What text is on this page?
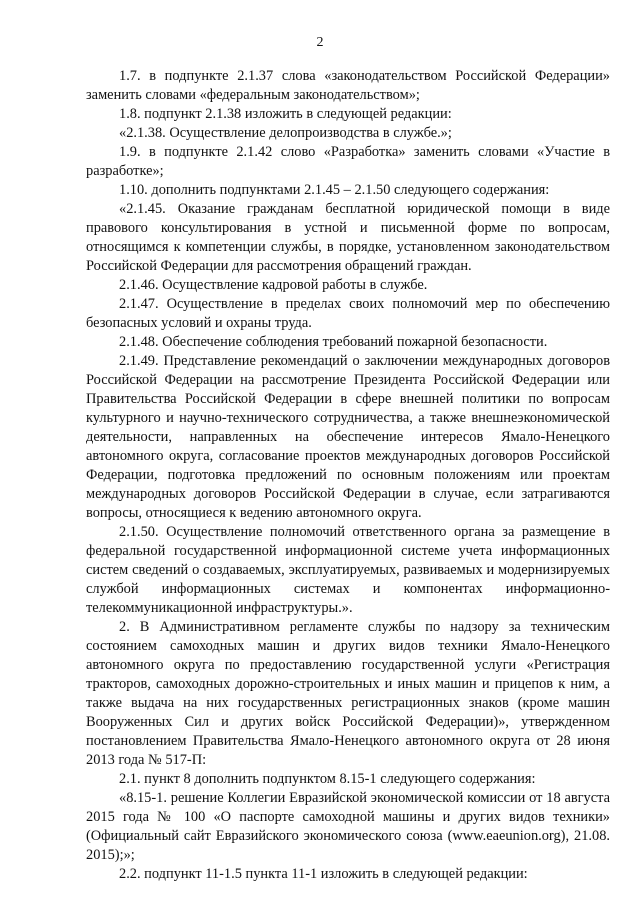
2

1.7. в подпункте 2.1.37 слова «законодательством Российской Федерации» заменить словами «федеральным законодательством»;

1.8. подпункт 2.1.38 изложить в следующей редакции:

«2.1.38. Осуществление делопроизводства в службе.»;

1.9. в подпункте 2.1.42 слово «Разработка» заменить словами «Участие в разработке»;

1.10. дополнить подпунктами 2.1.45 – 2.1.50 следующего содержания:

«2.1.45. Оказание гражданам бесплатной юридической помощи в виде правового консультирования в устной и письменной форме по вопросам, относящимся к компетенции службы, в порядке, установленном законодательством Российской Федерации для рассмотрения обращений граждан.

2.1.46. Осуществление кадровой работы в службе.

2.1.47. Осуществление в пределах своих полномочий мер по обеспечению безопасных условий и охраны труда.

2.1.48. Обеспечение соблюдения требований пожарной безопасности.

2.1.49. Представление рекомендаций о заключении международных договоров Российской Федерации на рассмотрение Президента Российской Федерации или Правительства Российской Федерации в сфере внешней политики по вопросам культурного и научно-технического сотрудничества, а также внешнеэкономической деятельности, направленных на обеспечение интересов Ямало-Ненецкого автономного округа, согласование проектов международных договоров Российской Федерации, подготовка предложений по основным положениям или проектам международных договоров Российской Федерации в случае, если затрагиваются вопросы, относящиеся к ведению автономного округа.

2.1.50. Осуществление полномочий ответственного органа за размещение в федеральной государственной информационной системе учета информационных систем сведений о создаваемых, эксплуатируемых, развиваемых и модернизируемых службой информационных системах и компонентах информационно-телекоммуникационной инфраструктуры.».

2. В Административном регламенте службы по надзору за техническим состоянием самоходных машин и других видов техники Ямало-Ненецкого автономного округа по предоставлению государственной услуги «Регистрация тракторов, самоходных дорожно-строительных и иных машин и прицепов к ним, а также выдача на них государственных регистрационных знаков (кроме машин Вооруженных Сил и других войск Российской Федерации)», утвержденном постановлением Правительства Ямало-Ненецкого автономного округа от 28 июня 2013 года № 517-П:

2.1. пункт 8 дополнить подпунктом 8.15-1 следующего содержания:

«8.15-1. решение Коллегии Евразийской экономической комиссии от 18 августа 2015 года № 100 «О паспорте самоходной машины и других видов техники» (Официальный сайт Евразийского экономического союза (www.eaeunion.org), 21.08. 2015);»;

2.2. подпункт 11-1.5 пункта 11-1 изложить в следующей редакции:
